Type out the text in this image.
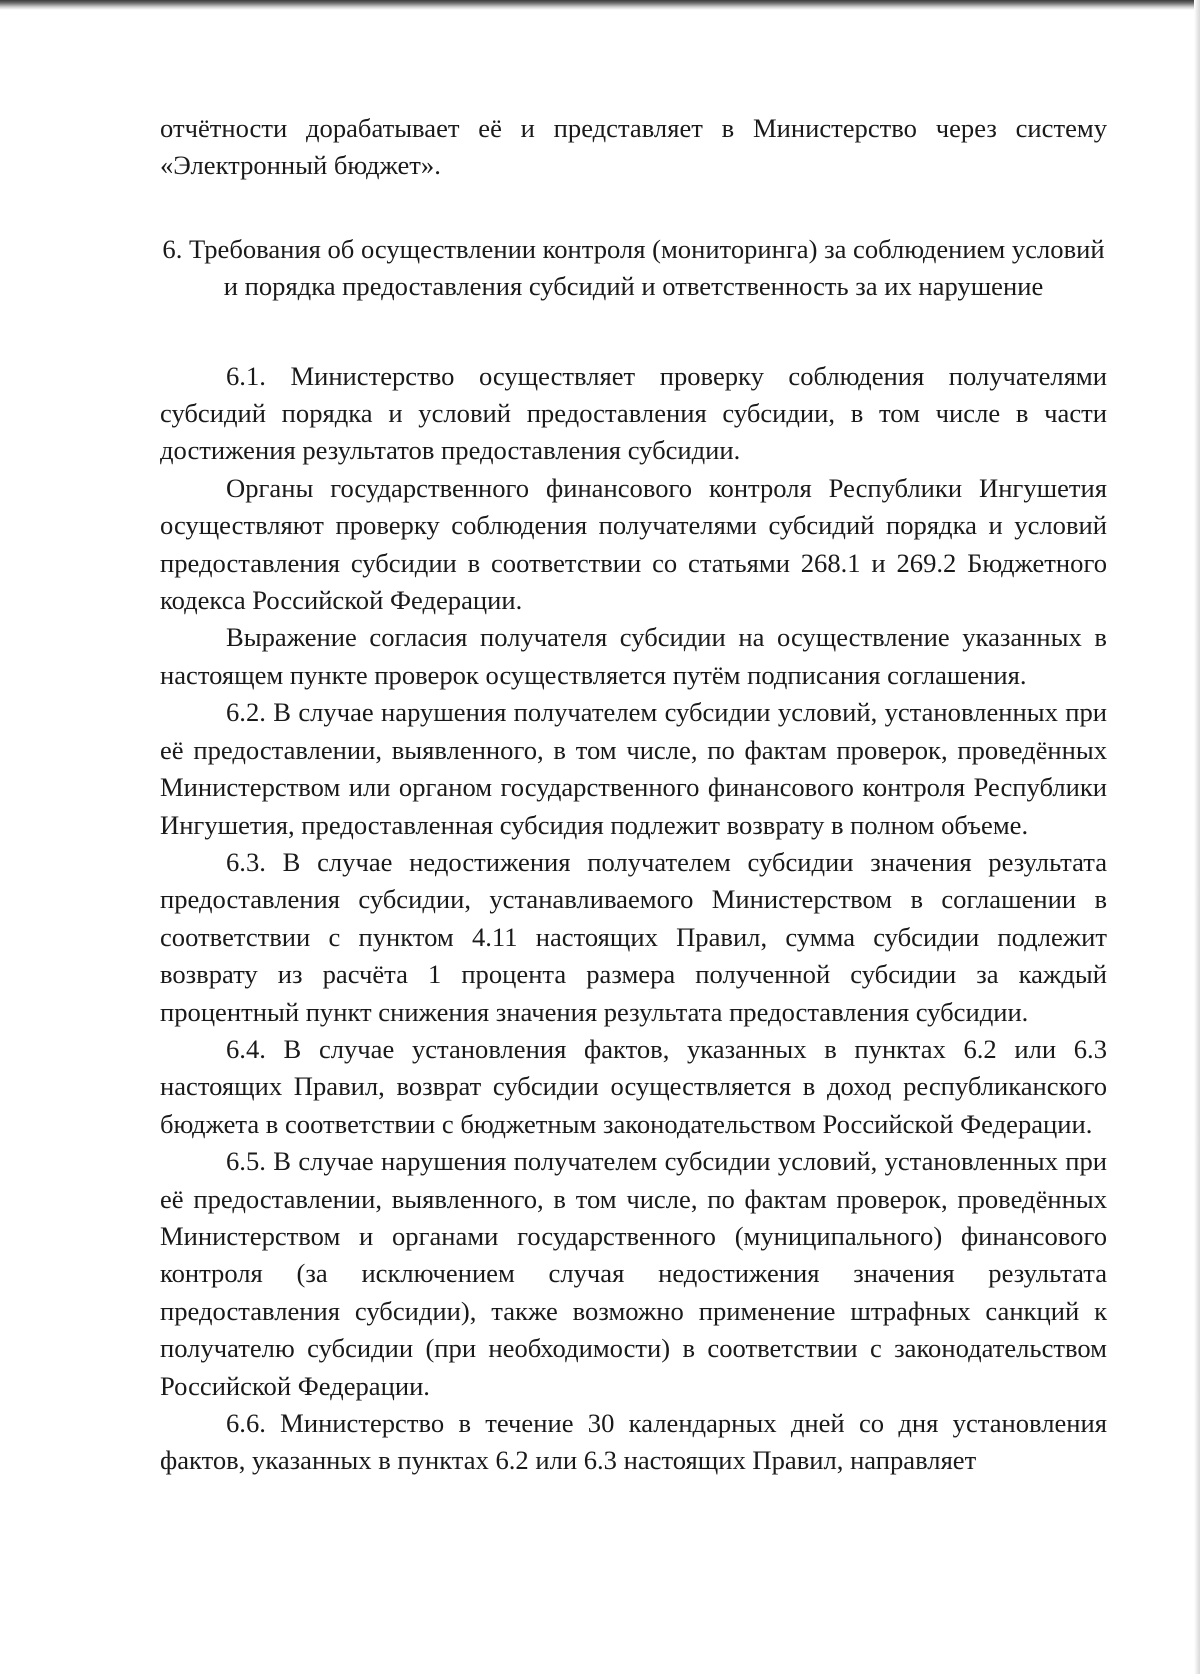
отчётности дорабатывает её и представляет в Министерство через систему «Электронный бюджет».

6. Требования об осуществлении контроля (мониторинга) за соблюдением условий и порядка предоставления субсидий и ответственность за их нарушение

6.1. Министерство осуществляет проверку соблюдения получателями субсидий порядка и условий предоставления субсидии, в том числе в части достижения результатов предоставления субсидии.

Органы государственного финансового контроля Республики Ингушетия осуществляют проверку соблюдения получателями субсидий порядка и условий предоставления субсидии в соответствии со статьями 268.1 и 269.2 Бюджетного кодекса Российской Федерации.

Выражение согласия получателя субсидии на осуществление указанных в настоящем пункте проверок осуществляется путём подписания соглашения.

6.2. В случае нарушения получателем субсидии условий, установленных при её предоставлении, выявленного, в том числе, по фактам проверок, проведённых Министерством или органом государственного финансового контроля Республики Ингушетия, предоставленная субсидия подлежит возврату в полном объеме.

6.3. В случае недостижения получателем субсидии значения результата предоставления субсидии, устанавливаемого Министерством в соглашении в соответствии с пунктом 4.11 настоящих Правил, сумма субсидии подлежит возврату из расчёта 1 процента размера полученной субсидии за каждый процентный пункт снижения значения результата предоставления субсидии.

6.4. В случае установления фактов, указанных в пунктах 6.2 или 6.3 настоящих Правил, возврат субсидии осуществляется в доход республиканского бюджета в соответствии с бюджетным законодательством Российской Федерации.

6.5. В случае нарушения получателем субсидии условий, установленных при её предоставлении, выявленного, в том числе, по фактам проверок, проведённых Министерством и органами государственного (муниципального) финансового контроля (за исключением случая недостижения значения результата предоставления субсидии), также возможно применение штрафных санкций к получателю субсидии (при необходимости) в соответствии с законодательством Российской Федерации.

6.6. Министерство в течение 30 календарных дней со дня установления фактов, указанных в пунктах 6.2 или 6.3 настоящих Правил, направляет
